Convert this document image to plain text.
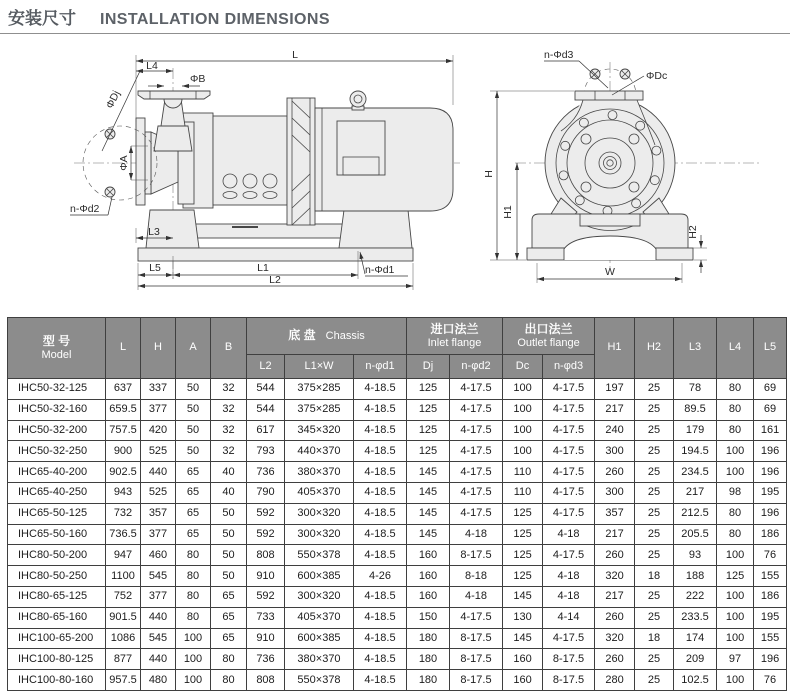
安装尺寸 INSTALLATION DIMENSIONS
L
L4
ΦB
ΦDj
ΦA
n-Φd2
L3
L5	L1
L2
n-Φd1
n-Φd3
ΦDc
H
H1
H2
W
型 号
Model
	L	H	A	B	底 盘 Chassis	
进口法兰
Inlet flange

出口法兰
Outlet flange	H1	H2	L3	L4	L5
					L2	L1×W	n-φd1	Dj	n-φd2	Dc	n-φd3					
IHC50-32-125	637	337	50	32	544	375×285	4-18.5	125	4-17.5	100	4-17.5	197	25	78	80	69
IHC50-32-160	659.5	377	50	32	544	375×285	4-18.5	125	4-17.5	100	4-17.5	217	25	89.5	80	69
IHC50-32-200	757.5	420	50	32	617	345×320	4-18.5	125	4-17.5	100	4-17.5	240	25	179	80	161
IHC50-32-250	900	525	50	32	793	440×370	4-18.5	125	4-17.5	100	4-17.5	300	25	194.5	100	196
IHC65-40-200	902.5	440	65	40	736	380×370	4-18.5	145	4-17.5	110	4-17.5	260	25	234.5	100	196
IHC65-40-250	943	525	65	40	790	405×370	4-18.5	145	4-17.5	110	4-17.5	300	25	217	98	195
IHC65-50-125	732	357	65	50	592	300×320	4-18.5	145	4-17.5	125	4-17.5	357	25	212.5	80	196
IHC65-50-160	736.5	377	65	50	592	300×320	4-18.5	145	4-18	125	4-18	217	25	205.5	80	186
IHC80-50-200	947	460	80	50	808	550×378	4-18.5	160	8-17.5	125	4-17.5	260	25	93	100	76
IHC80-50-250	1100	545	80	50	910	600×385	4-26	160	8-18	125	4-18	320	18	188	125	155
IHC80-65-125	752	377	80	65	592	300×320	4-18.5	160	4-18	145	4-18	217	25	222	100	186
IHC80-65-160	901.5	440	80	65	733	405×370	4-18.5	150	4-17.5	130	4-14	260	25	233.5	100	195
IHC100-65-200	1086	545	100	65	910	600×385	4-18.5	180	8-17.5	145	4-17.5	320	18	174	100	155
IHC100-80-125	877	440	100	80	736	380×370	4-18.5	180	8-17.5	160	8-17.5	260	25	209	97	196
IHC100-80-160	957.5	480	100	80	808	550×378	4-18.5	180	8-17.5	160	8-17.5	280	25	102.5	100	76
